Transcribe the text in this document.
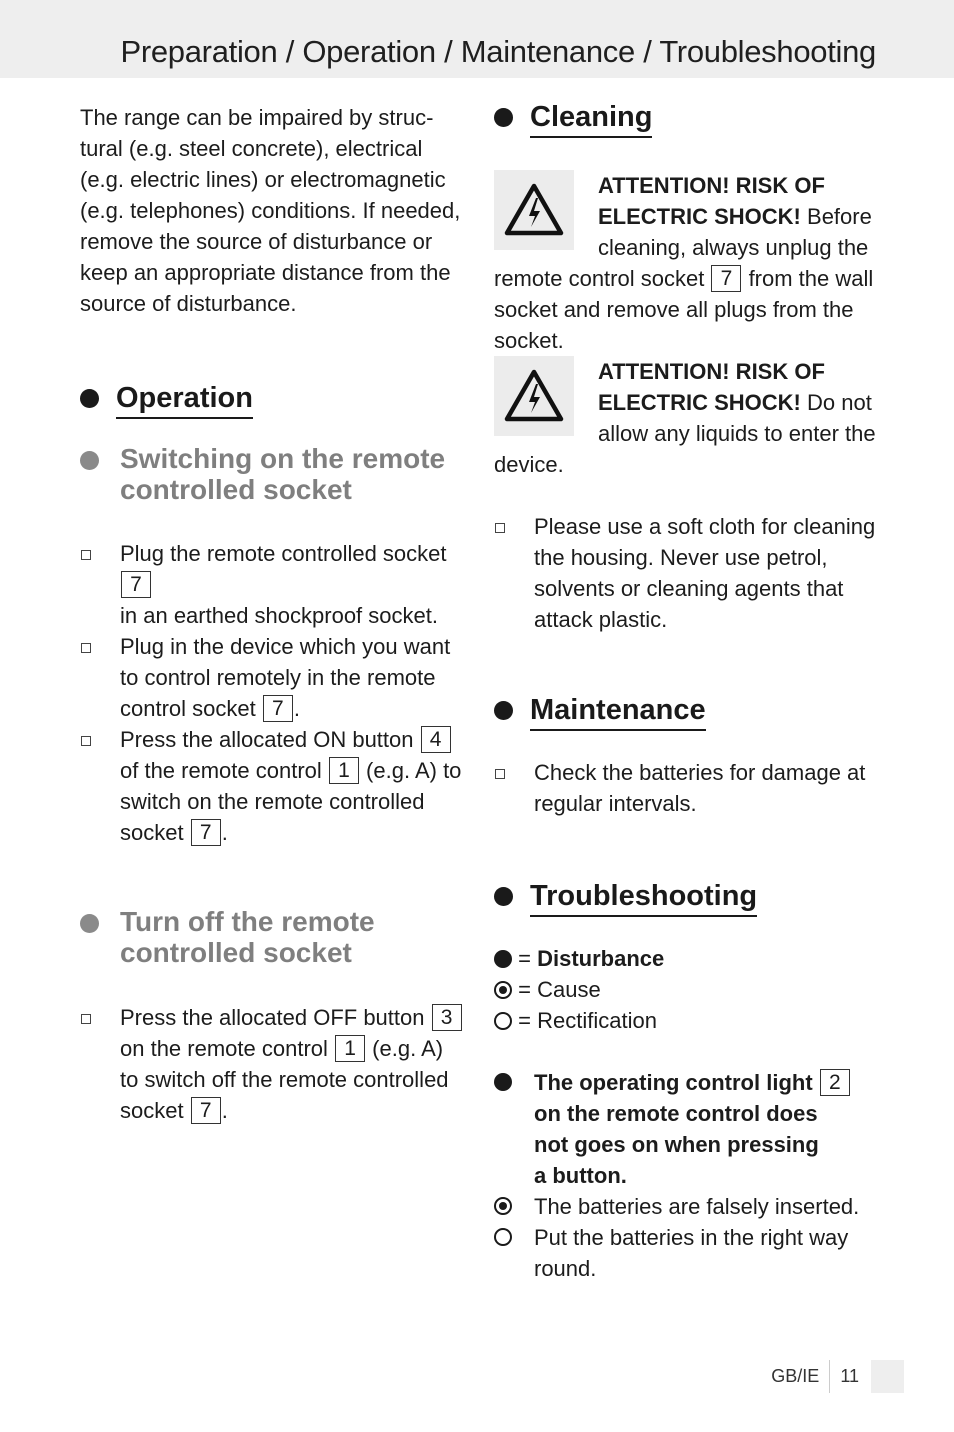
Preparation / Operation / Maintenance / Troubleshooting

The range can be impaired by struc-
tural (e.g. steel concrete), electrical
(e.g. electric lines) or electromagnetic
(e.g. telephones) conditions. If needed,
remove the source of disturbance or
keep an appropriate distance from the
source of disturbance.

Operation
Switching on the remote
controlled socket
Plug the remote controlled socket 7
in an earthed shockproof socket.
Plug in the device which you want
to control remotely in the remote
control socket 7 .
Press the allocated ON button 4
of the remote control 1 (e.g. A) to
switch on the remote controlled
socket 7 .
Turn off the remote
controlled socket
Press the allocated OFF button 3
on the remote control 1 (e.g. A)
to switch off the remote controlled
socket 7 .
Cleaning
ATTENTION! RISK OF
ELECTRIC SHOCK! Before
cleaning, always unplug the
remote control socket 7 from the wall
socket and remove all plugs from the
socket.
ATTENTION! RISK OF
ELECTRIC SHOCK! Do not
allow any liquids to enter the
device.
Please use a soft cloth for cleaning
the housing. Never use petrol,
solvents or cleaning agents that
attack plastic.
Maintenance
Check the batteries for damage at
regular intervals.
Troubleshooting
= Disturbance
= Cause
= Rectification
The operating control light 2
on the remote control does
not goes on when pressing
a button.
The batteries are falsely inserted.
Put the batteries in the right way
round.
GB/IE 11
